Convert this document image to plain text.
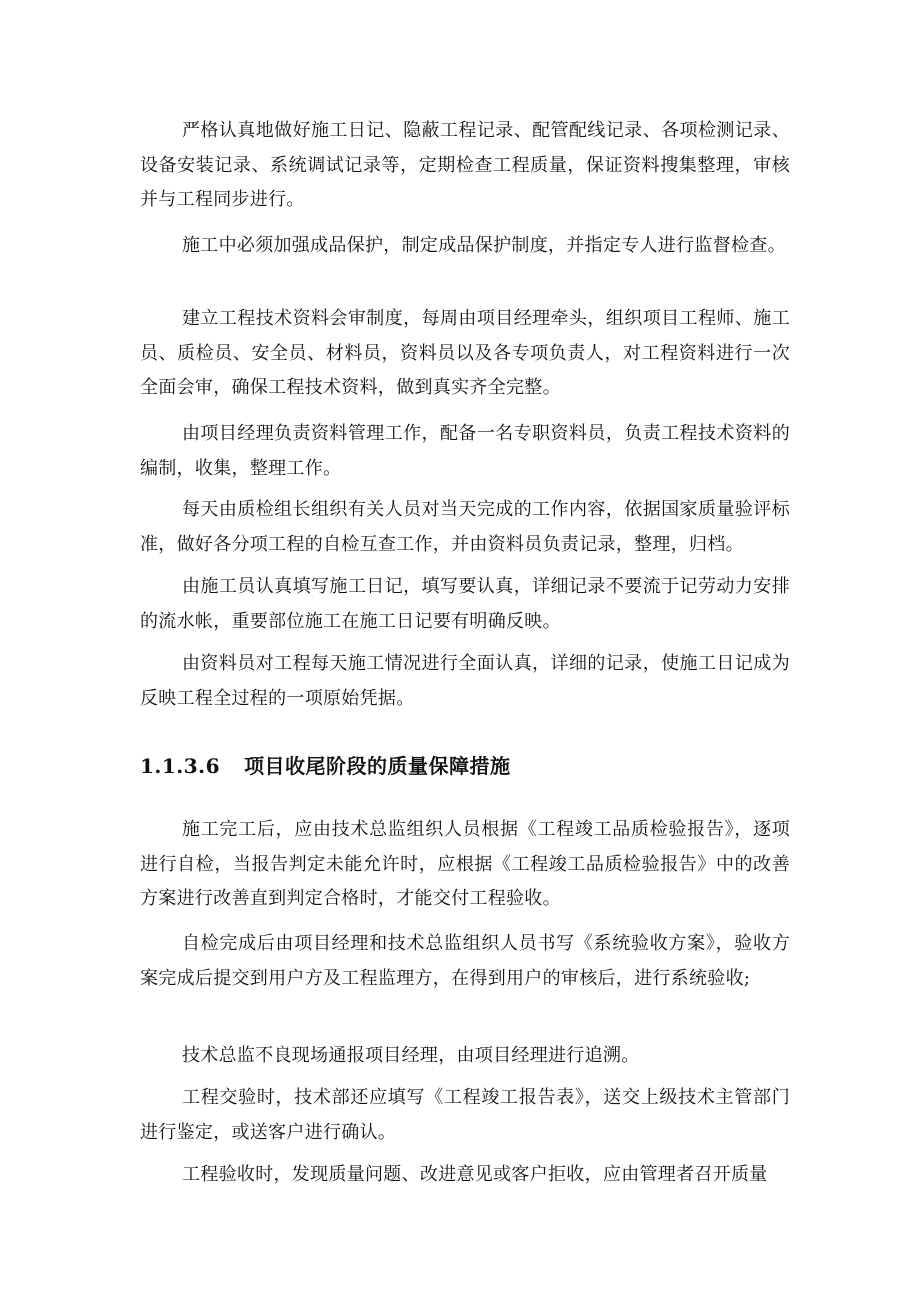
严格认真地做好施工日记、隐蔽工程记录、配管配线记录、各项检测记录、设备安装记录、系统调试记录等，定期检查工程质量，保证资料搜集整理，审核并与工程同步进行。

施工中必须加强成品保护，制定成品保护制度，并指定专人进行监督检查。

建立工程技术资料会审制度，每周由项目经理牵头，组织项目工程师、施工员、质检员、安全员、材料员，资料员以及各专项负责人，对工程资料进行一次全面会审，确保工程技术资料，做到真实齐全完整。

由项目经理负责资料管理工作，配备一名专职资料员，负责工程技术资料的编制，收集，整理工作。

每天由质检组长组织有关人员对当天完成的工作内容，依据国家质量验评标准，做好各分项工程的自检互查工作，并由资料员负责记录，整理，归档。

由施工员认真填写施工日记，填写要认真，详细记录不要流于记劳动力安排的流水帐，重要部位施工在施工日记要有明确反映。

由资料员对工程每天施工情况进行全面认真，详细的记录，使施工日记成为反映工程全过程的一项原始凭据。

1.1.3.6 项目收尾阶段的质量保障措施

施工完工后，应由技术总监组织人员根据《工程竣工品质检验报告》，逐项进行自检，当报告判定未能允许时，应根据《工程竣工品质检验报告》中的改善方案进行改善直到判定合格时，才能交付工程验收。

自检完成后由项目经理和技术总监组织人员书写《系统验收方案》，验收方案完成后提交到用户方及工程监理方，在得到用户的审核后，进行系统验收;

技术总监不良现场通报项目经理，由项目经理进行追溯。

工程交验时，技术部还应填写《工程竣工报告表》，送交上级技术主管部门进行鉴定，或送客户进行确认。

工程验收时，发现质量问题、改进意见或客户拒收，应由管理者召开质量
